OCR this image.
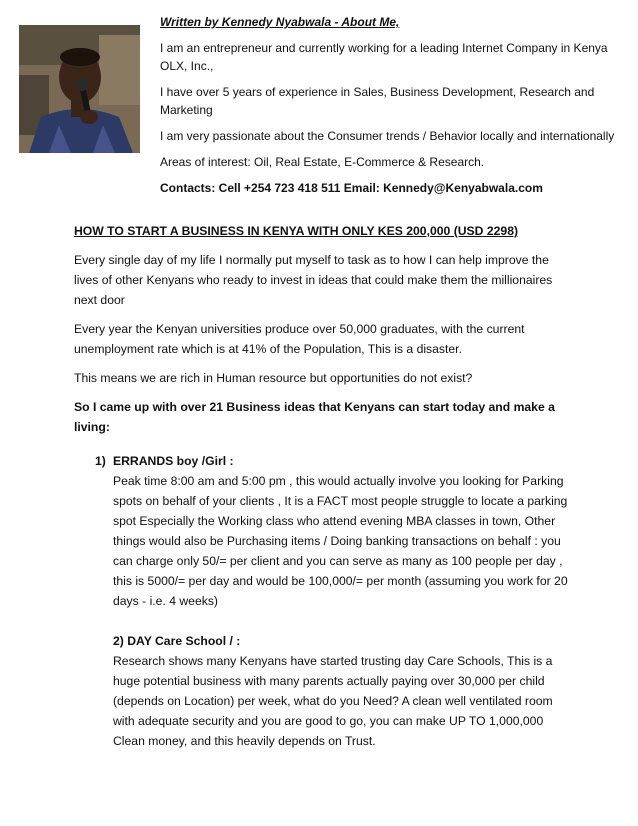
Written by Kennedy Nyabwala - About Me,

I am an entrepreneur and currently working for a leading Internet Company in Kenya OLX, Inc.,

I have over 5 years of experience in Sales, Business Development, Research and Marketing

I am very passionate about the Consumer trends / Behavior locally and internationally

Areas of interest: Oil, Real Estate, E-Commerce & Research.

Contacts: Cell +254 723 418 511 Email: Kennedy@Kenyabwala.com

HOW TO START A BUSINESS IN KENYA WITH ONLY KES 200,000 (USD 2298)

Every single day of my life I normally put myself to task as to how I can help improve the lives of other Kenyans who ready to invest in ideas that could make them the millionaires next door

Every year the Kenyan universities produce over 50,000 graduates, with the current unemployment rate which is at 41% of the Population, This is a disaster.

This means we are rich in Human resource but opportunities do not exist?

So I came up with over 21 Business ideas that Kenyans can start today and make a living:

1) ERRANDS boy /Girl :

Peak time 8:00 am and 5:00 pm , this would actually involve you looking for Parking spots on behalf of your clients , It is a FACT most people struggle to locate a parking spot Especially the Working class who attend evening MBA classes in town, Other things would also be Purchasing items / Doing banking transactions on behalf : you can charge only 50/= per client and you can serve as many as 100 people per day , this is 5000/= per day and would be 100,000/= per month (assuming you work for 20 days - i.e. 4 weeks)

2) DAY Care School / :

Research shows many Kenyans have started trusting day Care Schools, This is a huge potential business with many parents actually paying over 30,000 per child (depends on Location) per week, what do you Need? A clean well ventilated room with adequate security and you are good to go, you can make UP TO 1,000,000 Clean money, and this heavily depends on Trust.
